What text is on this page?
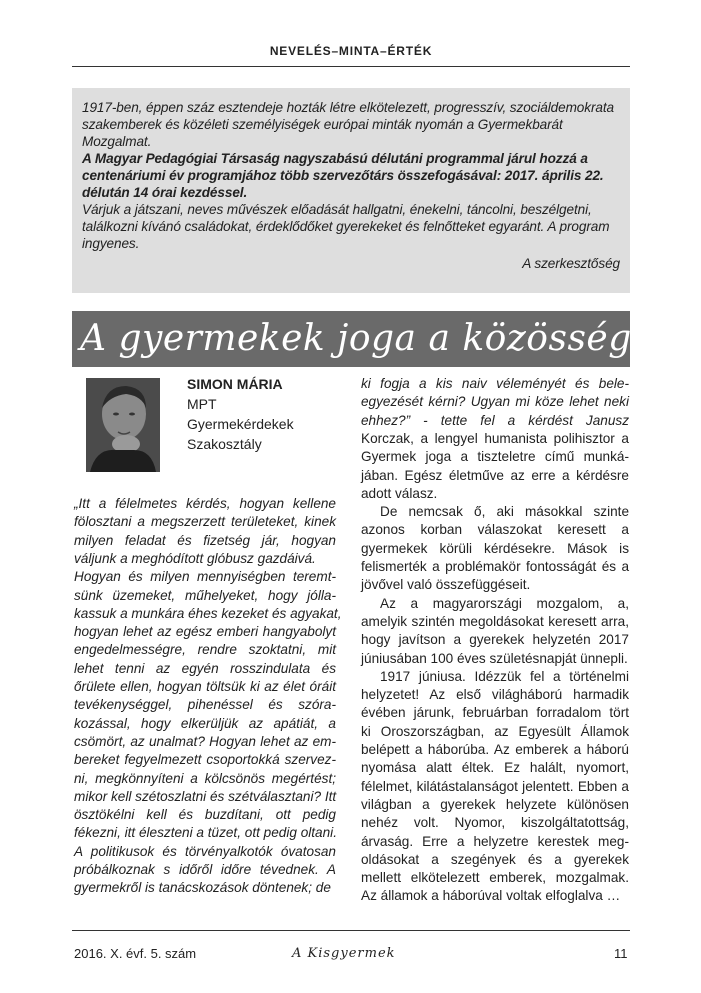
NEVELÉS–MINTA–ÉRTÉK

1917-ben, éppen száz esztendeje hozták létre elkötelezett, progresszív, szociáldemokrata

szakemberek és közéleti személyiségek európai minták nyomán a Gyermekbarát

Mozgalmat.

A Magyar Pedagógiai Társaság nagyszabású délutáni programmal járul hozzá a

centenáriumi év programjához több szervezőtárs összefogásával: 2017. április 22.

délután 14 órai kezdéssel.

Várjuk a játszani, neves művészek előadását hallgatni, énekelni, táncolni, beszélgetni,

találkozni kívánó családokat, érdeklődőket gyerekeket és felnőtteket egyaránt. A program

ingyenes.

A szerkesztőség

A gyermekek joga a közösséghez
SIMON MÁRIA
MPT
Gyermekérdekek
Szakosztály
„Itt a félelmetes kérdés, hogyan kellene
fölosztani a megszerzett területeket, kinek
milyen feladat és fizetség jár, hogyan
váljunk a meghódított glóbusz gazdáivá.
Hogyan és milyen mennyiségben teremt-
sünk üzemeket, műhelyeket, hogy jólla-
kassuk a munkára éhes kezeket és agyakat,
hogyan lehet az egész emberi hangyabolyt
engedelmességre, rendre szoktatni, mit
lehet tenni az egyén rosszindulata és
őrülete ellen, hogyan töltsük ki az élet óráit
tevékenységgel, pihenéssel és szóra-
kozással, hogy elkerüljük az apátiát, a
csömört, az unalmat? Hogyan lehet az em-
bereket fegyelmezett csoportokká szervez-
ni, megkönnyíteni a kölcsönös megértést;
mikor kell szétoszlatni és szétválasztani? Itt
ösztökélni kell és buzdítani, ott pedig
fékezni, itt éleszteni a tüzet, ott pedig oltani.
A politikusok és törvényalkotók óvatosan
próbálkoznak s időről időre tévednek. A
gyermekről is tanácskozások döntenek; de
ki fogja a kis naiv véleményét és bele-
egyezését kérni? Ugyan mi köze lehet neki
ehhez?” - tette fel a kérdést Janusz
Korczak, a lengyel humanista polihisztor a
Gyermek joga a tiszteletre című munká-
jában. Egész életműve az erre a kérdésre
adott válasz.
De nemcsak ő, aki másokkal szinte
azonos korban válaszokat keresett a
gyermekek körüli kérdésekre. Mások is
felismerték a problémakör fontosságát és a
jövővel való összefüggéseit.
Az a magyarországi mozgalom, a,
amelyik szintén megoldásokat keresett arra,
hogy javítson a gyerekek helyzetén 2017
júniusában 100 éves születésnapját ünnepli.
1917 júniusa. Idézzük fel a történelmi
helyzetet! Az első világháború harmadik
évében járunk, februárban forradalom tört
ki Oroszországban, az Egyesült Államok
belépett a háborúba. Az emberek a háború
nyomása alatt éltek. Ez halált, nyomort,
félelmet, kilátástalanságot jelentett. Ebben a
világban a gyerekek helyzete különösen
nehéz volt. Nyomor, kiszolgáltatottság,
árvaság. Erre a helyzetre kerestek meg-
oldásokat a szegények és a gyerekek
mellett elkötelezett emberek, mozgalmak.
Az államok a háborúval voltak elfoglalva …
2016. X. évf. 5. szám	A Kisgyermek	11
